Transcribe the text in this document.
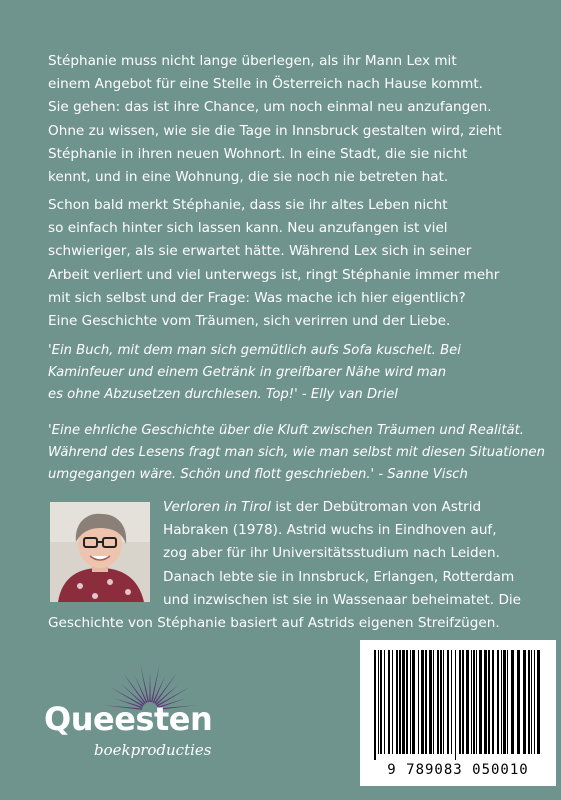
Stéphanie muss nicht lange überlegen, als ihr Mann Lex mit
einem Angebot für eine Stelle in Österreich nach Hause kommt.
Sie gehen: das ist ihre Chance, um noch einmal neu anzufangen.
Ohne zu wissen, wie sie die Tage in Innsbruck gestalten wird, zieht
Stéphanie in ihren neuen Wohnort. In eine Stadt, die sie nicht
kennt, und in eine Wohnung, die sie noch nie betreten hat.

Schon bald merkt Stéphanie, dass sie ihr altes Leben nicht
so einfach hinter sich lassen kann. Neu anzufangen ist viel
schwieriger, als sie erwartet hätte. Während Lex sich in seiner
Arbeit verliert und viel unterwegs ist, ringt Stéphanie immer mehr
mit sich selbst und der Frage: Was mache ich hier eigentlich?
Eine Geschichte vom Träumen, sich verirren und der Liebe.

'Ein Buch, mit dem man sich gemütlich aufs Sofa kuschelt. Bei
Kaminfeuer und einem Getränk in greifbarer Nähe wird man
es ohne Abzusetzen durchlesen. Top!' - Elly van Driel

'Eine ehrliche Geschichte über die Kluft zwischen Träumen und Realität.
Während des Lesens fragt man sich, wie man selbst mit diesen Situationen
umgegangen wäre. Schön und flott geschrieben.' - Sanne Visch

Verloren in Tirol ist der Debütroman von Astrid
Habraken (1978). Astrid wuchs in Eindhoven auf,
zog aber für ihr Universitätsstudium nach Leiden.
Danach lebte sie in Innsbruck, Erlangen, Rotterdam
und inzwischen ist sie in Wassenaar beheimatet. Die
Geschichte von Stéphanie basiert auf Astrids eigenen Streifzügen.

Queesten
boekproducties
9 789083 050010
